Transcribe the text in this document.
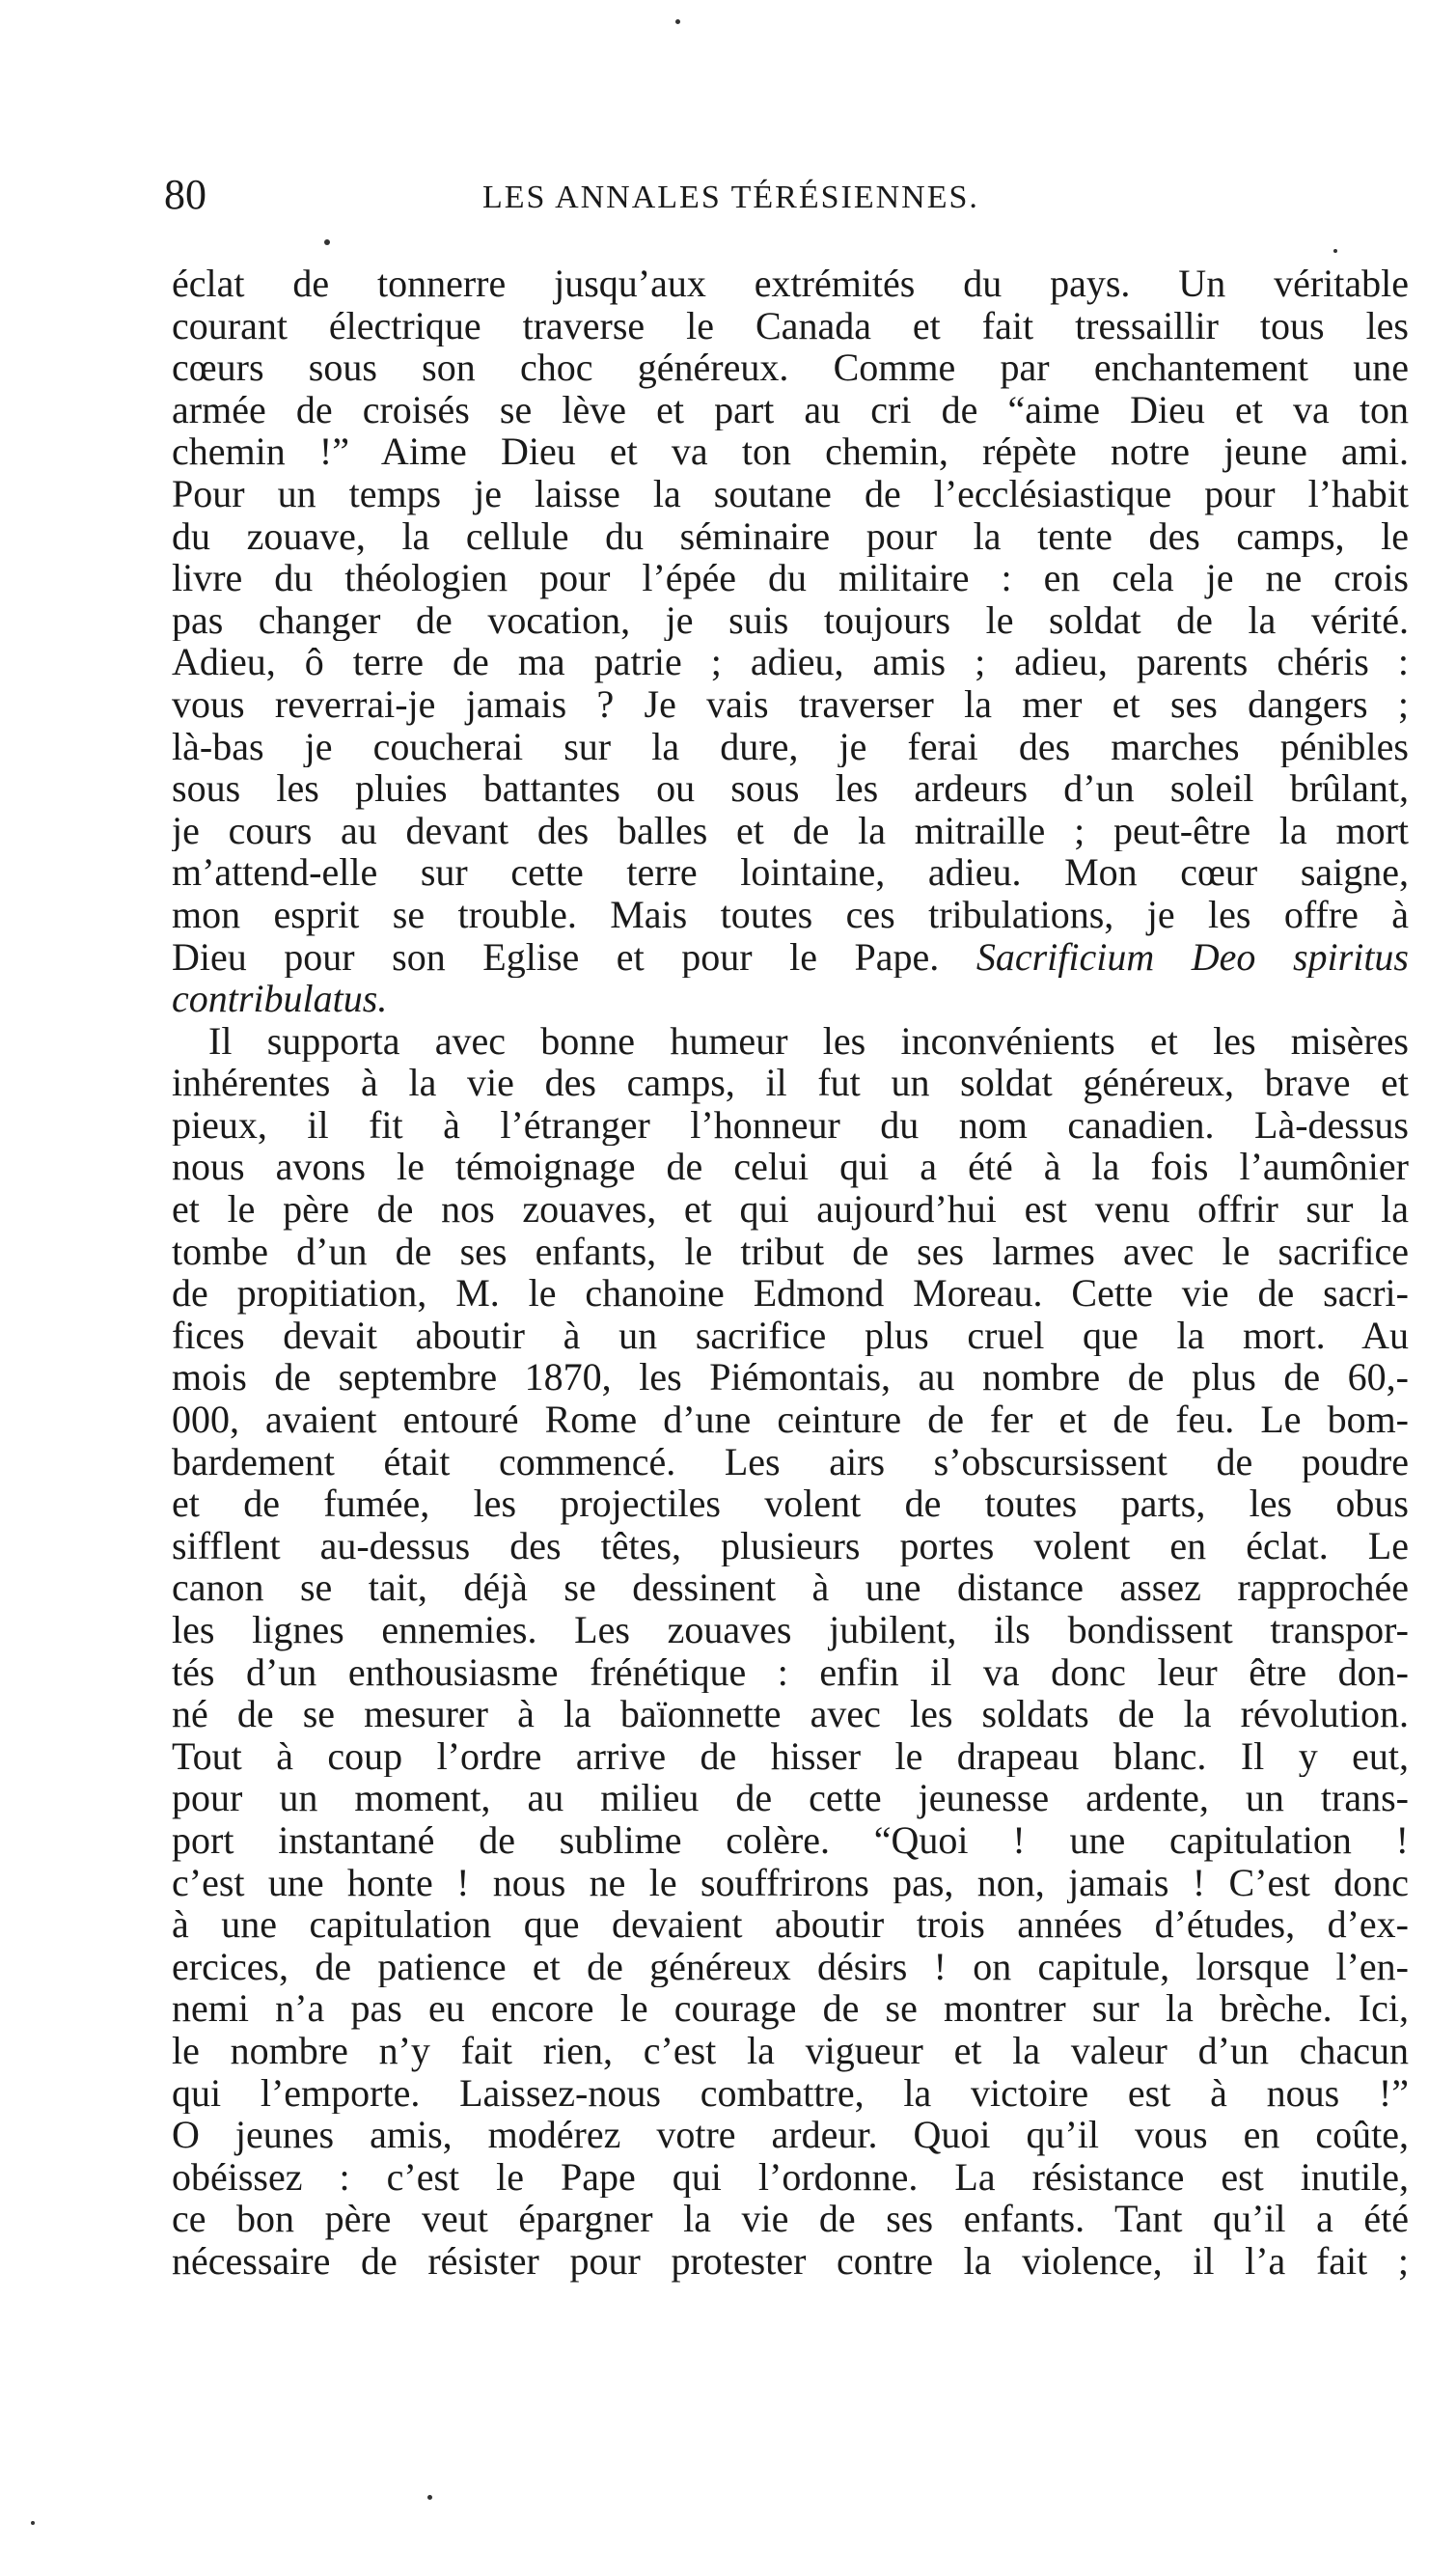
80	LES ANNALES TÉRÉSIENNES.
éclat de tonnerre jusqu’aux extrémités du pays. Un véritable
courant électrique traverse le Canada et fait tressaillir tous les
cœurs sous son choc généreux. Comme par enchantement une
armée de croisés se lève et part au cri de “aime Dieu et va ton
chemin !” Aime Dieu et va ton chemin, répète notre jeune ami.
Pour un temps je laisse la soutane de l’ecclésiastique pour l’habit
du zouave, la cellule du séminaire pour la tente des camps, le
livre du théologien pour l’épée du militaire : en cela je ne crois
pas changer de vocation, je suis toujours le soldat de la vérité.
Adieu, ô terre de ma patrie ; adieu, amis ; adieu, parents chéris :
vous reverrai-je jamais ? Je vais traverser la mer et ses dangers ;
là-bas je coucherai sur la dure, je ferai des marches pénibles
sous les pluies battantes ou sous les ardeurs d’un soleil brûlant,
je cours au devant des balles et de la mitraille ; peut-être la mort
m’attend-elle sur cette terre lointaine, adieu. Mon cœur saigne,
mon esprit se trouble. Mais toutes ces tribulations, je les offre à
Dieu pour son Eglise et pour le Pape. Sacrificium Deo spiritus
contribulatus.
Il supporta avec bonne humeur les inconvénients et les misères
inhérentes à la vie des camps, il fut un soldat généreux, brave et
pieux, il fit à l’étranger l’honneur du nom canadien. Là-dessus
nous avons le témoignage de celui qui a été à la fois l’aumônier
et le père de nos zouaves, et qui aujourd’hui est venu offrir sur la
tombe d’un de ses enfants, le tribut de ses larmes avec le sacrifice
de propitiation, M. le chanoine Edmond Moreau. Cette vie de sacri-
fices devait aboutir à un sacrifice plus cruel que la mort. Au
mois de septembre 1870, les Piémontais, au nombre de plus de 60,-
000, avaient entouré Rome d’une ceinture de fer et de feu. Le bom-
bardement était commencé. Les airs s’obscursissent de poudre
et de fumée, les projectiles volent de toutes parts, les obus
sifflent au-dessus des têtes, plusieurs portes volent en éclat. Le
canon se tait, déjà se dessinent à une distance assez rapprochée
les lignes ennemies. Les zouaves jubilent, ils bondissent transpor-
tés d’un enthousiasme frénétique : enfin il va donc leur être don-
né de se mesurer à la baïonnette avec les soldats de la révolution.
Tout à coup l’ordre arrive de hisser le drapeau blanc. Il y eut,
pour un moment, au milieu de cette jeunesse ardente, un trans-
port instantané de sublime colère. “Quoi ! une capitulation !
c’est une honte ! nous ne le souffrirons pas, non, jamais ! C’est donc
à une capitulation que devaient aboutir trois années d’études, d’ex-
ercices, de patience et de généreux désirs ! on capitule, lorsque l’en-
nemi n’a pas eu encore le courage de se montrer sur la brèche. Ici,
le nombre n’y fait rien, c’est la vigueur et la valeur d’un chacun
qui l’emporte. Laissez-nous combattre, la victoire est à nous !”
O jeunes amis, modérez votre ardeur. Quoi qu’il vous en coûte,
obéissez : c’est le Pape qui l’ordonne. La résistance est inutile,
ce bon père veut épargner la vie de ses enfants. Tant qu’il a été
nécessaire de résister pour protester contre la violence, il l’a fait ;
